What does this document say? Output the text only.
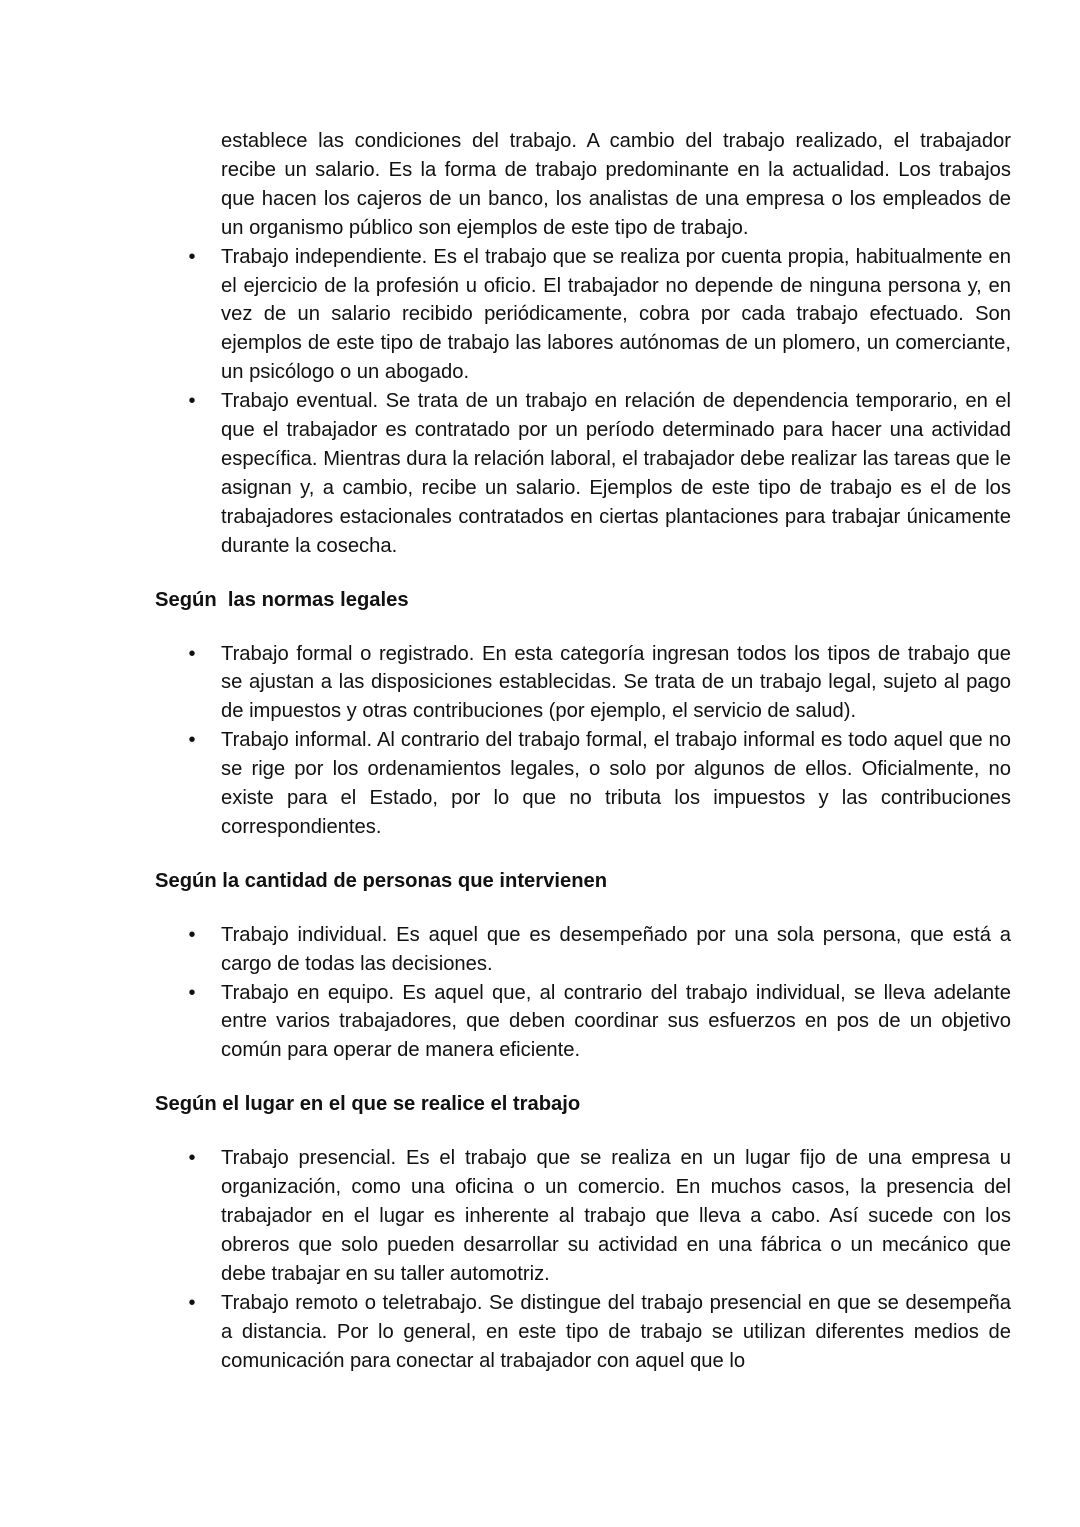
establece las condiciones del trabajo. A cambio del trabajo realizado, el trabajador recibe un salario. Es la forma de trabajo predominante en la actualidad. Los trabajos que hacen los cajeros de un banco, los analistas de una empresa o los empleados de un organismo público son ejemplos de este tipo de trabajo.

• Trabajo independiente. Es el trabajo que se realiza por cuenta propia, habitualmente en el ejercicio de la profesión u oficio. El trabajador no depende de ninguna persona y, en vez de un salario recibido periódicamente, cobra por cada trabajo efectuado. Son ejemplos de este tipo de trabajo las labores autónomas de un plomero, un comerciante, un psicólogo o un abogado.
• Trabajo eventual. Se trata de un trabajo en relación de dependencia temporario, en el que el trabajador es contratado por un período determinado para hacer una actividad específica. Mientras dura la relación laboral, el trabajador debe realizar las tareas que le asignan y, a cambio, recibe un salario. Ejemplos de este tipo de trabajo es el de los trabajadores estacionales contratados en ciertas plantaciones para trabajar únicamente durante la cosecha.
Según  las normas legales
• Trabajo formal o registrado. En esta categoría ingresan todos los tipos de trabajo que se ajustan a las disposiciones establecidas. Se trata de un trabajo legal, sujeto al pago de impuestos y otras contribuciones (por ejemplo, el servicio de salud).
• Trabajo informal. Al contrario del trabajo formal, el trabajo informal es todo aquel que no se rige por los ordenamientos legales, o solo por algunos de ellos. Oficialmente, no existe para el Estado, por lo que no tributa los impuestos y las contribuciones correspondientes.
Según la cantidad de personas que intervienen
• Trabajo individual. Es aquel que es desempeñado por una sola persona, que está a cargo de todas las decisiones.
• Trabajo en equipo. Es aquel que, al contrario del trabajo individual, se lleva adelante entre varios trabajadores, que deben coordinar sus esfuerzos en pos de un objetivo común para operar de manera eficiente.
Según el lugar en el que se realice el trabajo
• Trabajo presencial. Es el trabajo que se realiza en un lugar fijo de una empresa u organización, como una oficina o un comercio. En muchos casos, la presencia del trabajador en el lugar es inherente al trabajo que lleva a cabo. Así sucede con los obreros que solo pueden desarrollar su actividad en una fábrica o un mecánico que debe trabajar en su taller automotriz.
• Trabajo remoto o teletrabajo. Se distingue del trabajo presencial en que se desempeña a distancia. Por lo general, en este tipo de trabajo se utilizan diferentes medios de comunicación para conectar al trabajador con aquel que lo
